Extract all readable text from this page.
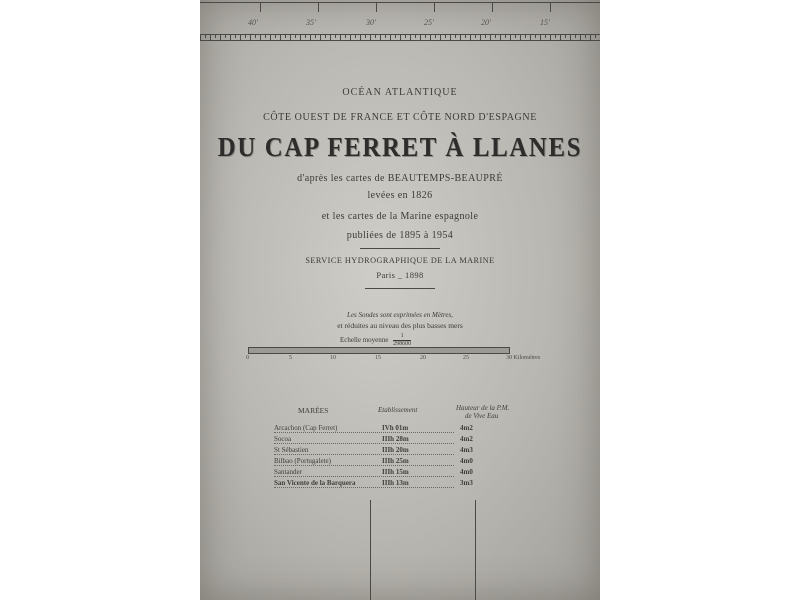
40'	35'	30'	25'	20'	15'
OCÉAN ATLANTIQUE
CÔTE OUEST DE FRANCE ET CÔTE NORD D'ESPAGNE
DU CAP FERRET À LLANES
d'après les cartes de BEAUTEMPS-BEAUPRÉ
levées en 1826
et les cartes de la Marine espagnole
publiées de 1895 à 1954
SERVICE HYDROGRAPHIQUE DE LA MARINE
Paris _ 1898
Les Sondes sont exprimées en Mètres,
et réduites au niveau des plus basses mers
Echelle moyenne $\frac{1}{298600}$
0	5	10	15	20	25	30 Kilomètres
MARÉES	Etablissement	Hauteur de la P.M.
de Vive Eau
Arcachon (Cap Ferret)	IVh 01m	4m2
Socoa	IIIh 28m	4m2
St Sébastien	IIIh 20m	4m3
Bilbao (Portugalete)	IIIh 25m	4m0
Santander	IIIh 15m	4m0
San Vicente de la Barquera	IIIh 13m	3m3
